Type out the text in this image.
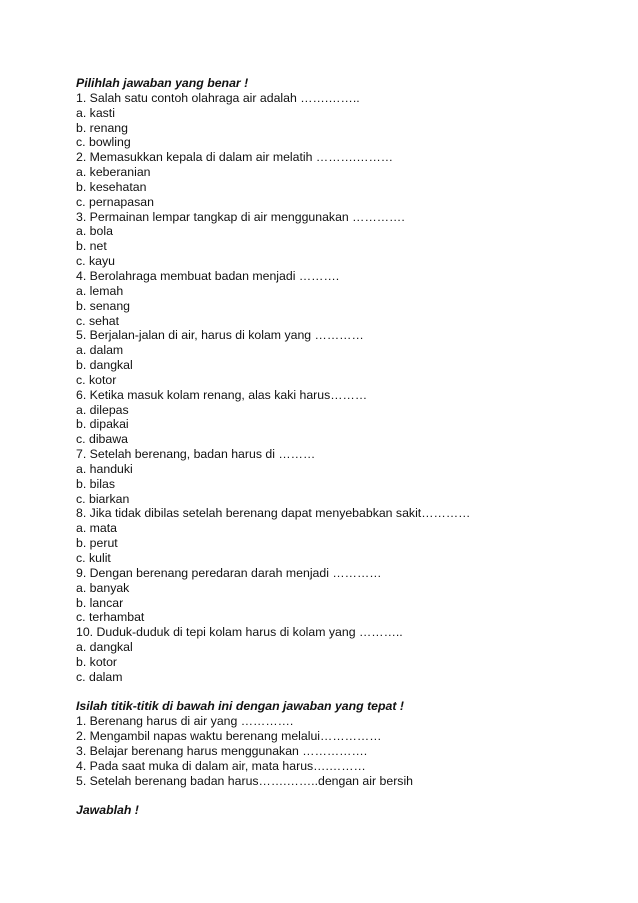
Pilihlah jawaban yang benar !
1. Salah satu contoh olahraga air adalah …….……..
a. kasti
b. renang
c. bowling
2. Memasukkan kepala di dalam air melatih ……….………
a. keberanian
b. kesehatan
c. pernapasan
3. Permainan lempar tangkap di air menggunakan ………….
a. bola
b. net
c. kayu
4. Berolahraga membuat badan menjadi ……….
a. lemah
b. senang
c. sehat
5. Berjalan-jalan di air, harus di kolam yang …………
a. dalam
b. dangkal
c. kotor
6. Ketika masuk kolam renang, alas kaki harus………
a. dilepas
b. dipakai
c. dibawa
7. Setelah berenang, badan harus di ………
a. handuki
b. bilas
c. biarkan
8. Jika tidak dibilas setelah berenang dapat menyebabkan sakit…………
a. mata
b. perut
c. kulit
9. Dengan berenang peredaran darah menjadi …………
a. banyak
b. lancar
c. terhambat
10. Duduk-duduk di tepi kolam harus di kolam yang ………..
a. dangkal
b. kotor
c. dalam
Isilah titik-titik di bawah ini dengan jawaban yang tepat !
1. Berenang harus di air yang ………….
2. Mengambil napas waktu berenang melalui……………
3. Belajar berenang harus menggunakan …………….
4. Pada saat muka di dalam air, mata harus….………
5. Setelah berenang badan harus…….……..dengan air bersih
Jawablah !
